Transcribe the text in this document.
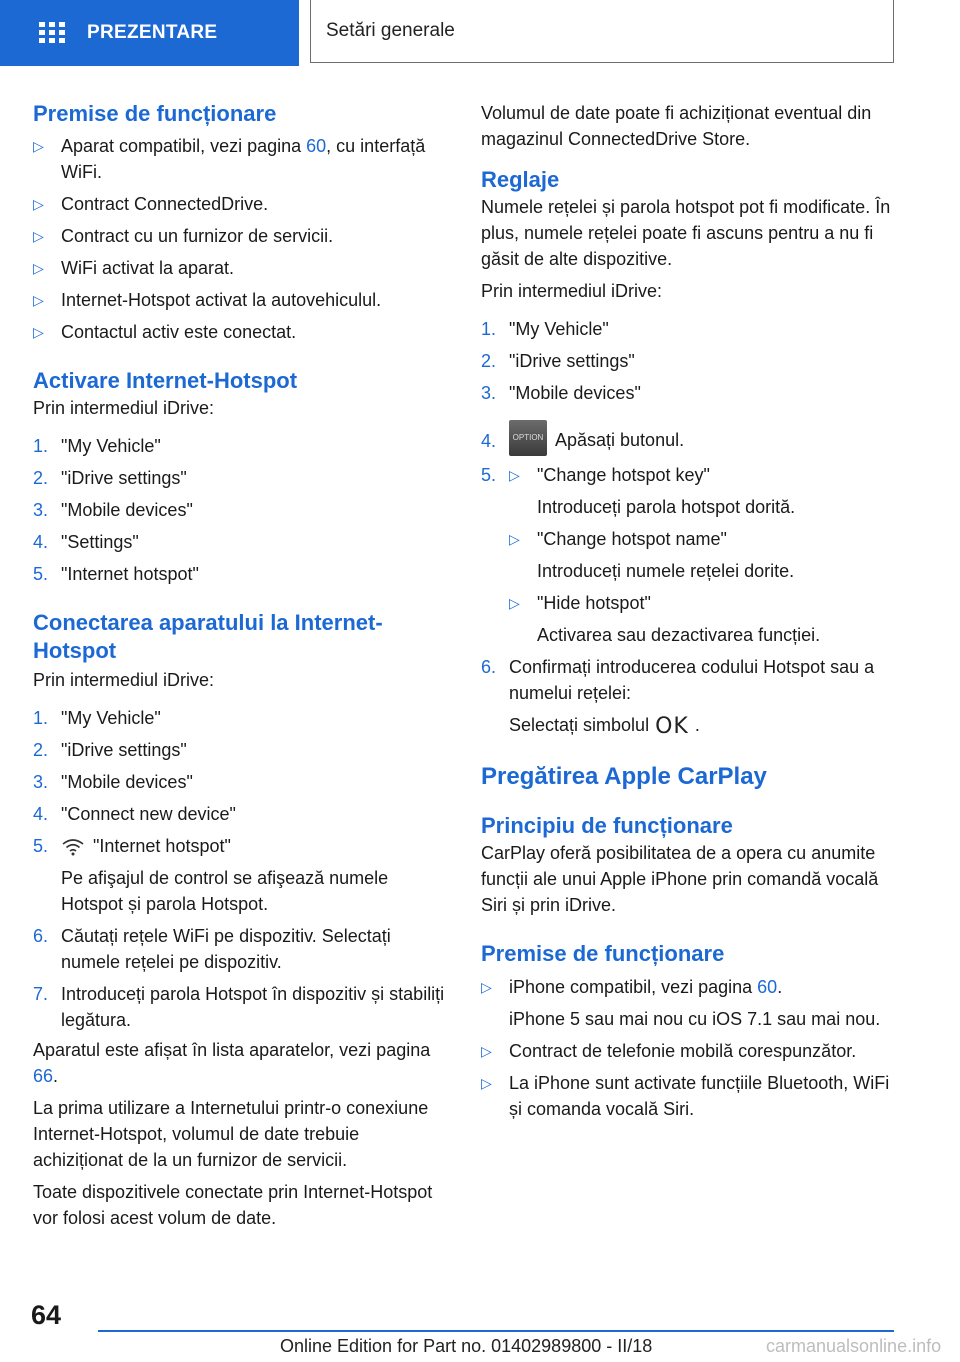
PREZENTARE	Setări generale
Premise de funcționare
▷ Aparat compatibil, vezi pagina 60, cu interfață WiFi.
▷ Contract ConnectedDrive.
▷ Contract cu un furnizor de servicii.
▷ WiFi activat la aparat.
▷ Internet-Hotspot activat la autovehiculul.
▷ Contactul activ este conectat.
Activare Internet-Hotspot

Prin intermediul iDrive:

1. "My Vehicle"
2. "iDrive settings"
3. "Mobile devices"
4. "Settings"
5. "Internet hotspot"
Conectarea aparatului la Internet-Hotspot

Prin intermediul iDrive:

1. "My Vehicle"
2. "iDrive settings"
3. "Mobile devices"
4. "Connect new device"
5.	"Internet hotspot"
Pe afişajul de control se afişează numele Hotspot și parola Hotspot.
6. Căutați rețele WiFi pe dispozitiv. Selectați numele rețelei pe dispozitiv.
7. Introduceți parola Hotspot în dispozitiv și stabiliți legătura.

Aparatul este afișat în lista aparatelor, vezi pagina 66.

La prima utilizare a Internetului printr-o conexiune Internet-Hotspot, volumul de date trebuie achiziționat de la un furnizor de servicii.

Toate dispozitivele conectate prin Internet-Hotspot vor folosi acest volum de date.

Volumul de date poate fi achiziționat eventual din magazinul ConnectedDrive Store.

Reglaje

Numele rețelei și parola hotspot pot fi modificate. În plus, numele rețelei poate fi ascuns pentru a nu fi găsit de alte dispozitive.

Prin intermediul iDrive:

1. "My Vehicle"
2. "iDrive settings"
3. "Mobile devices"
4.	OPTION Apăsați butonul.
5. ▷ "Change hotspot key"
Introduceți parola hotspot dorită.
▷ "Change hotspot name"
Introduceți numele rețelei dorite.
▷ "Hide hotspot"
Activarea sau dezactivarea funcției.
6. Confirmați introducerea codului Hotspot sau a numelui rețelei:
Selectați simbolul OK .
Pregătirea Apple CarPlay
Principiu de funcționare

CarPlay oferă posibilitatea de a opera cu anumite funcții ale unui Apple iPhone prin comandă vocală Siri și prin iDrive.

Premise de funcționare
▷ iPhone compatibil, vezi pagina 60.
iPhone 5 sau mai nou cu iOS 7.1 sau mai nou.
▷ Contract de telefonie mobilă corespunzător.
▷ La iPhone sunt activate funcțiile Bluetooth, WiFi și comanda vocală Siri.
64
Online Edition for Part no. 01402989800 - II/18	carmanualsonline.info
